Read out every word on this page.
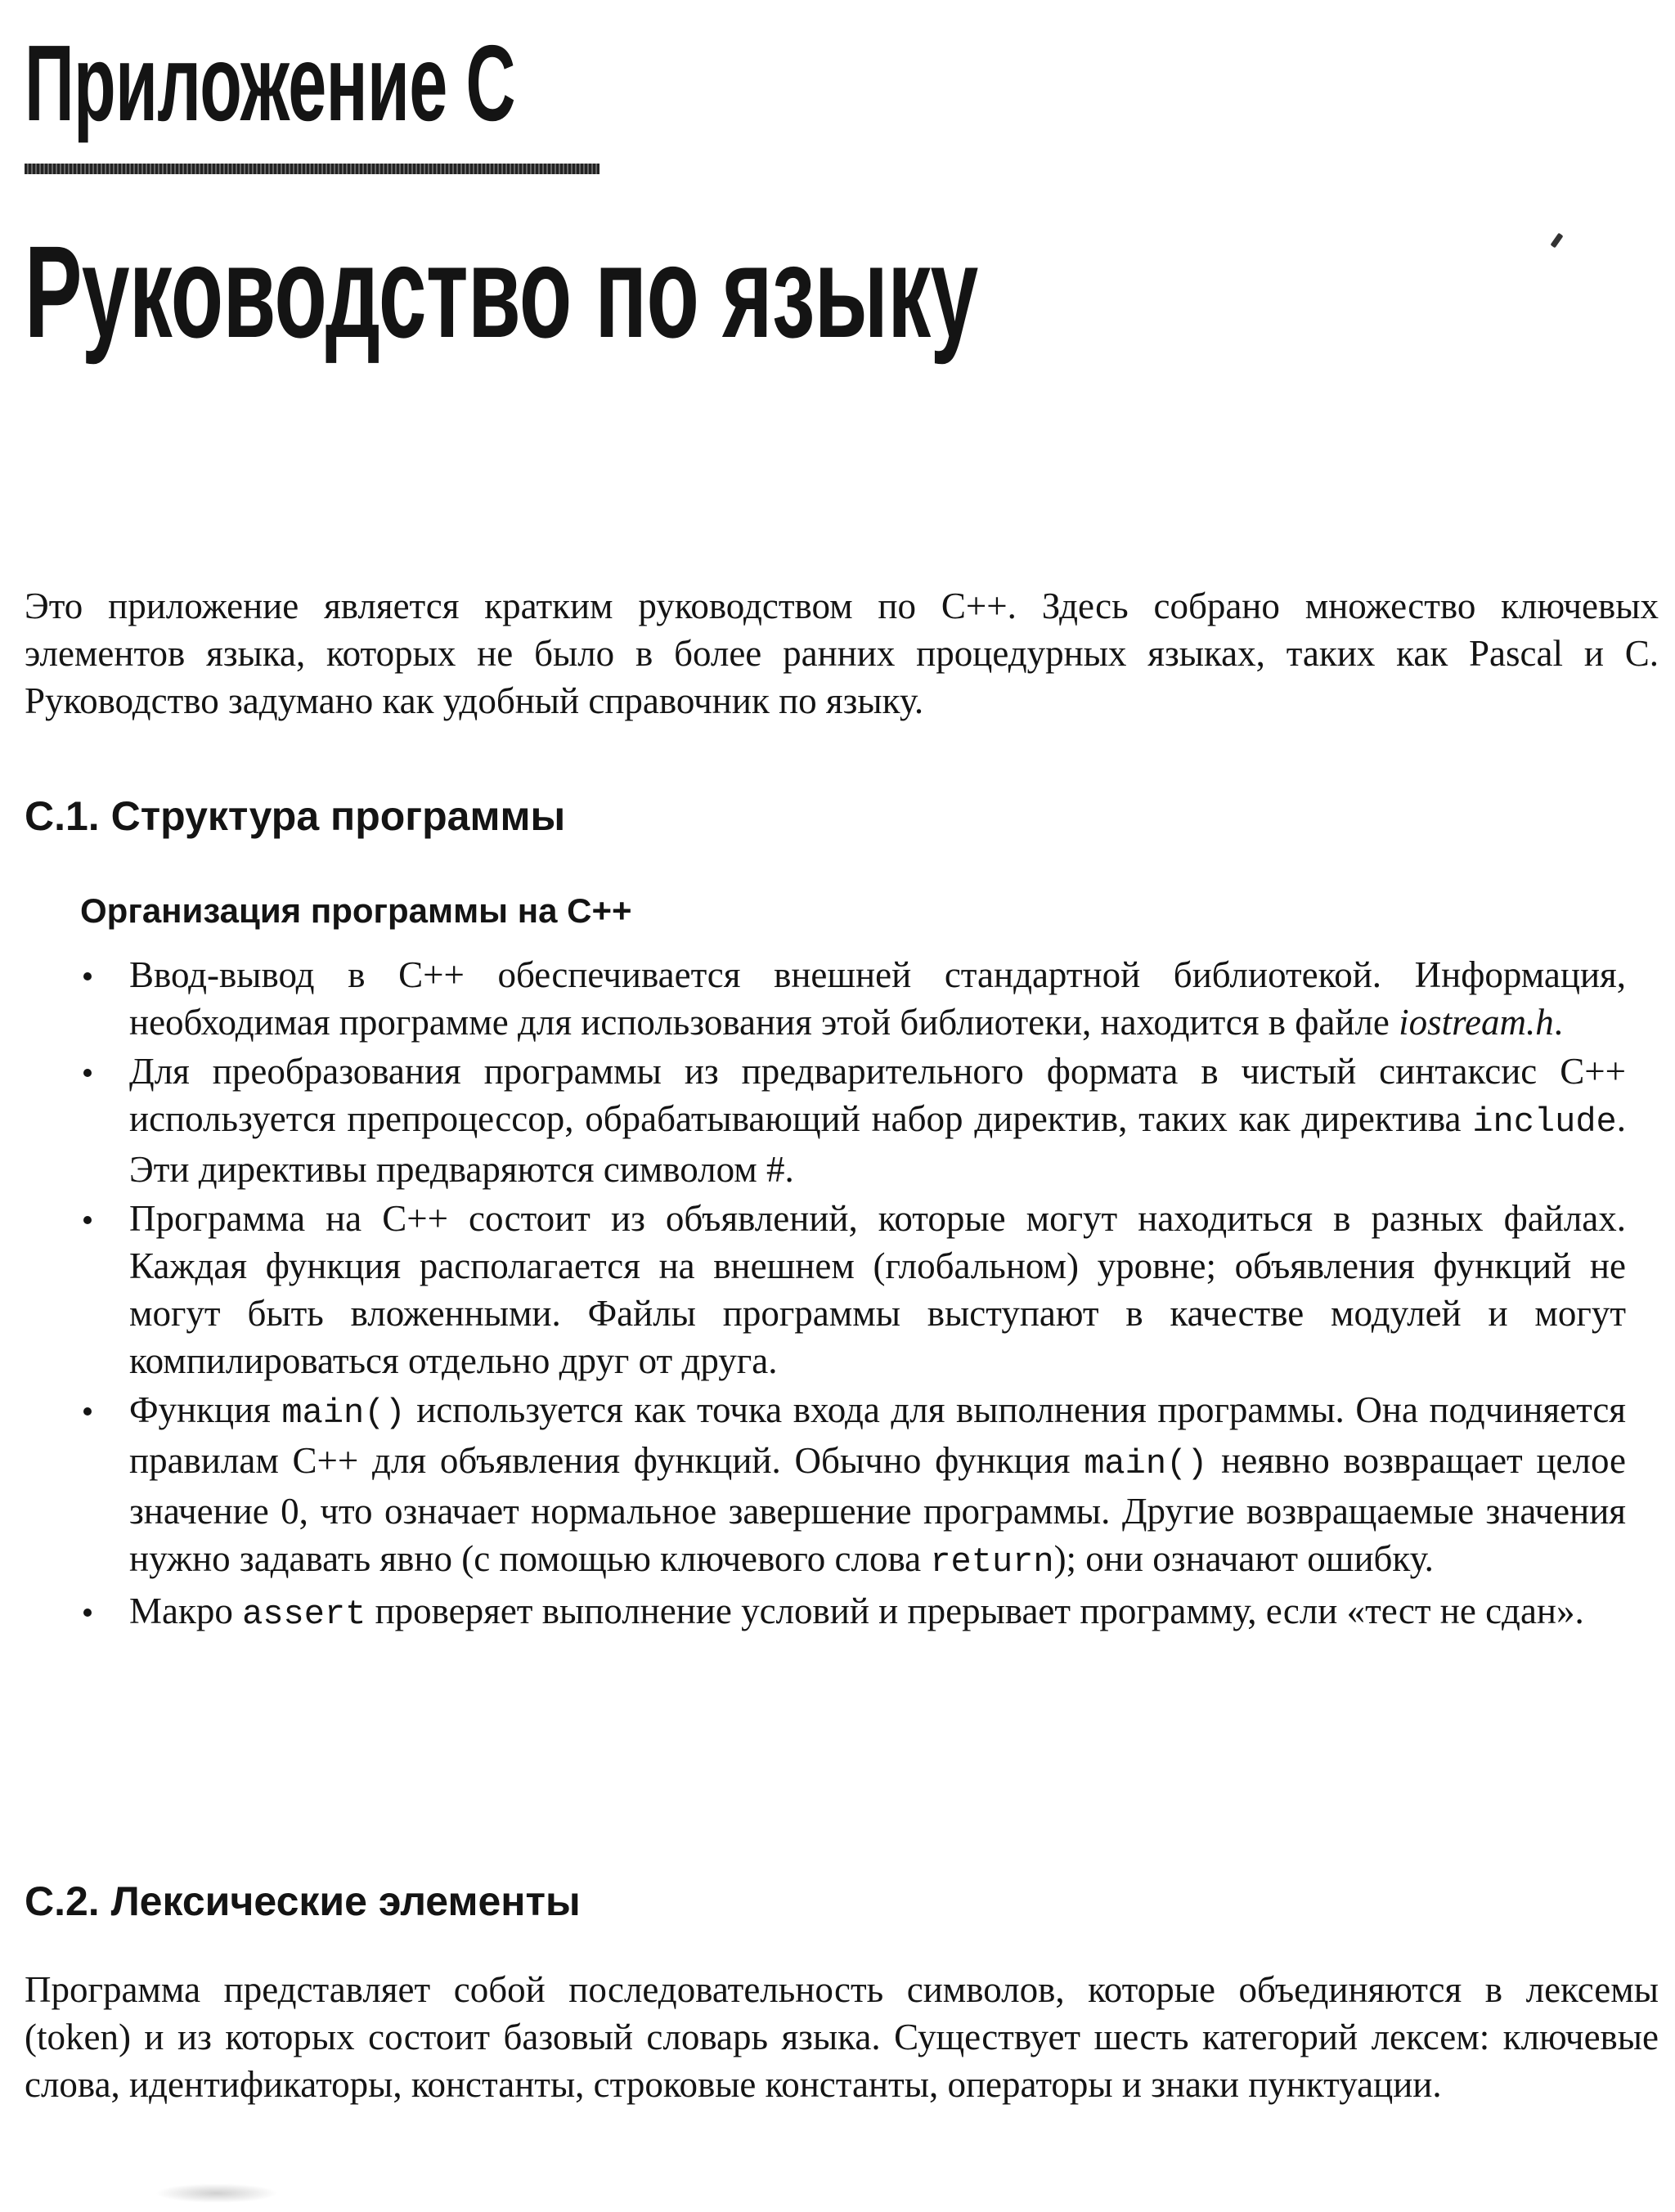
Приложение C
Руководство по языку

Это приложение является кратким руководством по C++. Здесь собрано множество ключевых элементов языка, которых не было в более ранних процедурных языках, таких как Pascal и C. Руководство задумано как удобный справочник по языку.

C.1. Структура программы
Организация программы на C++
Ввод-вывод в C++ обеспечивается внешней стандартной библиотекой. Информация, необходимая программе для использования этой библиотеки, находится в файле iostream.h.
Для преобразования программы из предварительного формата в чистый синтаксис C++ используется препроцессор, обрабатывающий набор директив, таких как директива include. Эти директивы предваряются символом #.
Программа на C++ состоит из объявлений, которые могут находиться в разных файлах. Каждая функция располагается на внешнем (глобальном) уровне; объявления функций не могут быть вложенными. Файлы программы выступают в качестве модулей и могут компилироваться отдельно друг от друга.
Функция main() используется как точка входа для выполнения программы. Она подчиняется правилам C++ для объявления функций. Обычно функция main() неявно возвращает целое значение 0, что означает нормальное завершение программы. Другие возвращаемые значения нужно задавать явно (с помощью ключевого слова return); они означают ошибку.
Макро assert проверяет выполнение условий и прерывает программу, если «тест не сдан».
C.2. Лексические элементы

Программа представляет собой последовательность символов, которые объединяются в лексемы (token) и из которых состоит базовый словарь языка. Существует шесть категорий лексем: ключевые слова, идентификаторы, константы, строковые константы, операторы и знаки пунктуации.
